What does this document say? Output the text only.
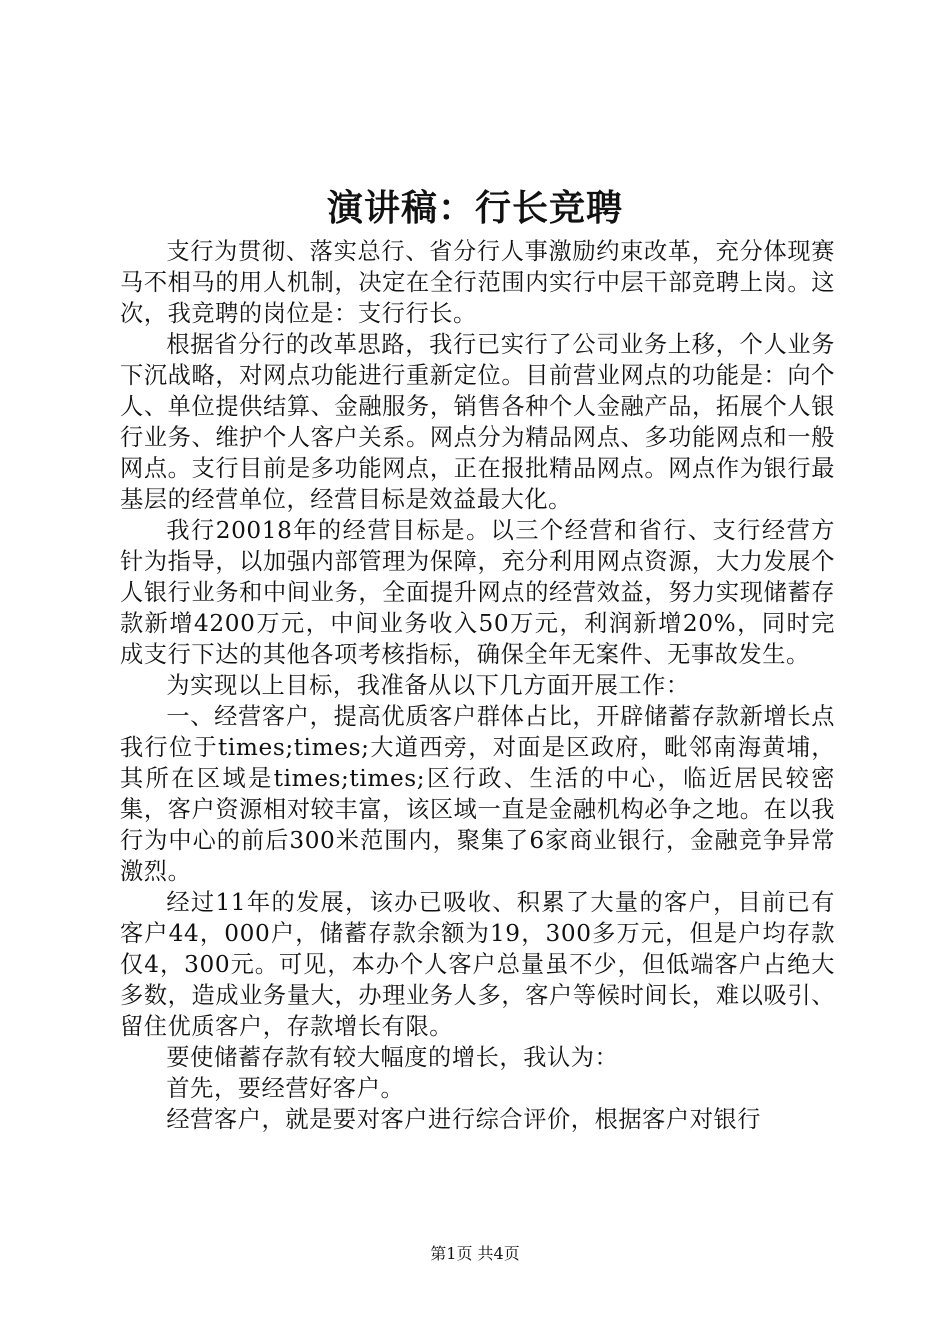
演讲稿：行长竞聘

支行为贯彻、落实总行、省分行人事激励约束改革，充分体现赛马不相马的用人机制，决定在全行范围内实行中层干部竞聘上岗。这次，我竞聘的岗位是：支行行长。

根据省分行的改革思路，我行已实行了公司业务上移，个人业务下沉战略，对网点功能进行重新定位。目前营业网点的功能是：向个人、单位提供结算、金融服务，销售各种个人金融产品，拓展个人银行业务、维护个人客户关系。网点分为精品网点、多功能网点和一般网点。支行目前是多功能网点，正在报批精品网点。网点作为银行最基层的经营单位，经营目标是效益最大化。

我行20018年的经营目标是。以三个经营和省行、支行经营方针为指导，以加强内部管理为保障，充分利用网点资源，大力发展个人银行业务和中间业务，全面提升网点的经营效益，努力实现储蓄存款新增4200万元，中间业务收入50万元，利润新增20%，同时完成支行下达的其他各项考核指标，确保全年无案件、无事故发生。

为实现以上目标，我准备从以下几方面开展工作：

一、经营客户，提高优质客户群体占比，开辟储蓄存款新增长点我行位于times;times;大道西旁，对面是区政府，毗邻南海黄埔，其所在区域是times;times;区行政、生活的中心，临近居民较密集，客户资源相对较丰富，该区域一直是金融机构必争之地。在以我行为中心的前后300米范围内，聚集了6家商业银行，金融竞争异常激烈。

经过11年的发展，该办已吸收、积累了大量的客户，目前已有客户44，000户，储蓄存款余额为19，300多万元，但是户均存款仅4，300元。可见，本办个人客户总量虽不少，但低端客户占绝大多数，造成业务量大，办理业务人多，客户等候时间长，难以吸引、留住优质客户，存款增长有限。

要使储蓄存款有较大幅度的增长，我认为：

首先，要经营好客户。

经营客户，就是要对客户进行综合评价，根据客户对银行

第1页 共4页
